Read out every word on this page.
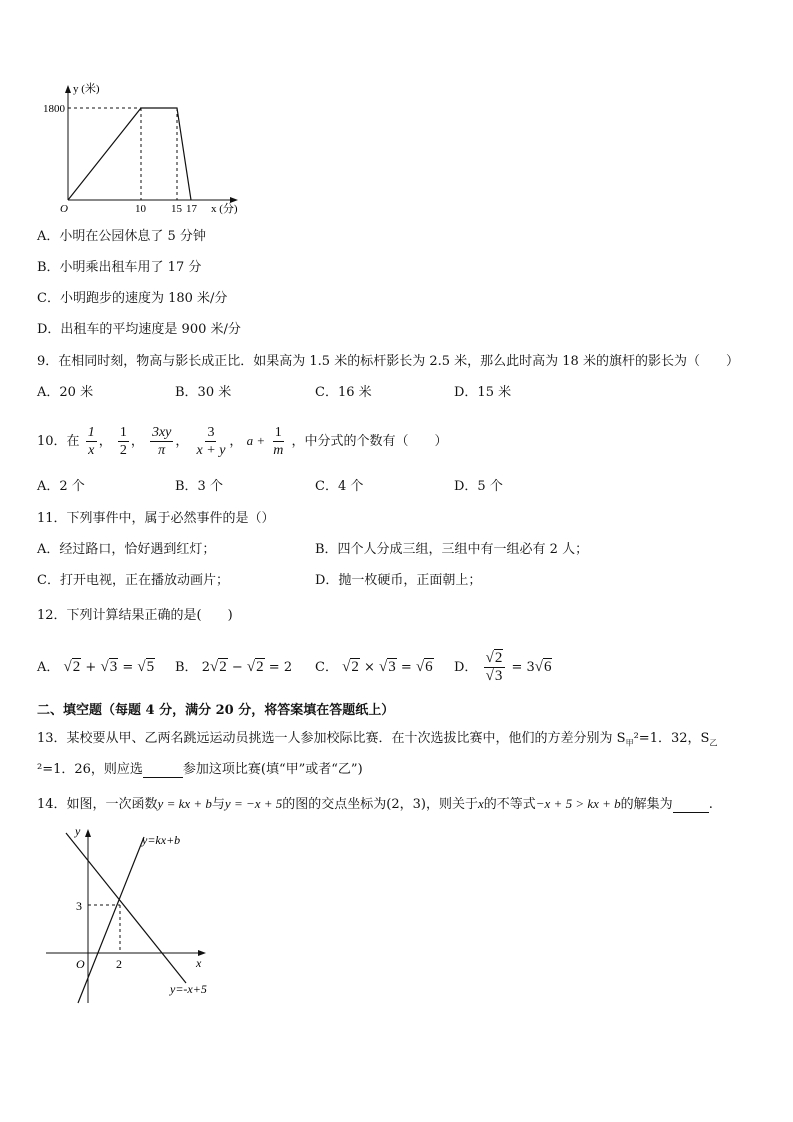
y (米)
1800
O	10 15 17 x (分)
A．小明在公园休息了 5 分钟
B．小明乘出租车用了 17 分
C．小明跑步的速度为 180 米/分
D．出租车的平均速度是 900 米/分
9．在相同时刻，物高与影长成正比．如果高为 1.5 米的标杆影长为 2.5 米，那么此时高为 18 米的旗杆的影长为（　　）
A．20 米	B．30 米	C．16 米	D．15 米
10．在 $\frac{1}{x}$ ， $\frac{1}{2}$ ， $\frac{3xy}{\pi}$ ， $\frac{3}{x + y}$ ， $a + \frac{1}{m}$ ，中分式的个数有（　　）
A．2 个	B．3 个	C．4 个	D．5 个
11．下列事件中，属于必然事件的是（）
A．经过路口，恰好遇到红灯；	B．四个人分成三组，三组中有一组必有 2 人；
C．打开电视，正在播放动画片；	D．抛一枚硬币，正面朝上；
12．下列计算结果正确的是(　　)
A． √2 + √3 = √5 B． 2√2 − √2 = 2 C． √2 × √3 = √6 D． $\frac{√2}{√3} = 3√6$
二、填空题（每题 4 分，满分 20 分，将答案填在答题纸上）
13．某校要从甲、乙两名跳远运动员挑选一人参加校际比赛．在十次选拔比赛中，他们的方差分别为 $S_甲^2=1$．32，$S_乙$
²=1．26，则应选	参加这项比赛(填“甲”或者“乙”)
14．如图，一次函数y = kx + b与y = −x + 5的图的交点坐标为(2，3)，则关于x的不等式−x + 5 > kx + b的解集为	.
y
x
O
3
2
y=kx+b
y=-x+5
